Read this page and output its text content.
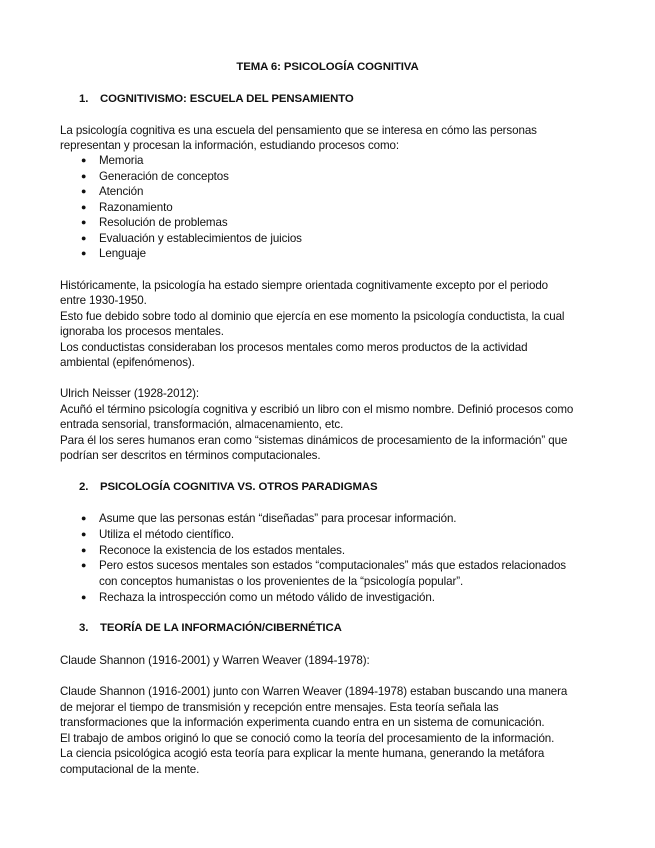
TEMA 6: PSICOLOGÍA COGNITIVA
1. COGNITIVISMO: ESCUELA DEL PENSAMIENTO
La psicología cognitiva es una escuela del pensamiento que se interesa en cómo las personas
representan y procesan la información, estudiando procesos como:
● Memoria
● Generación de conceptos
● Atención
● Razonamiento
● Resolución de problemas
● Evaluación y establecimientos de juicios
● Lenguaje
Históricamente, la psicología ha estado siempre orientada cognitivamente excepto por el periodo
entre 1930-1950.
Esto fue debido sobre todo al dominio que ejercía en ese momento la psicología conductista, la cual
ignoraba los procesos mentales.
Los conductistas consideraban los procesos mentales como meros productos de la actividad
ambiental (epifenómenos).
Ulrich Neisser (1928-2012):
Acuñó el término psicología cognitiva y escribió un libro con el mismo nombre. Definió procesos como
entrada sensorial, transformación, almacenamiento, etc.
Para él los seres humanos eran como “sistemas dinámicos de procesamiento de la información” que
podrían ser descritos en términos computacionales.
2. PSICOLOGÍA COGNITIVA VS. OTROS PARADIGMAS
● Asume que las personas están “diseñadas” para procesar información.
● Utiliza el método científico.
● Reconoce la existencia de los estados mentales.
● Pero estos sucesos mentales son estados “computacionales” más que estados relacionados
con conceptos humanistas o los provenientes de la “psicología popular”.
● Rechaza la introspección como un método válido de investigación.
3. TEORÍA DE LA INFORMACIÓN/CIBERNÉTICA
Claude Shannon (1916-2001) y Warren Weaver (1894-1978):
Claude Shannon (1916-2001) junto con Warren Weaver (1894-1978) estaban buscando una manera
de mejorar el tiempo de transmisión y recepción entre mensajes. Esta teoría señala las
transformaciones que la información experimenta cuando entra en un sistema de comunicación.
El trabajo de ambos originó lo que se conoció como la teoría del procesamiento de la información.
La ciencia psicológica acogió esta teoría para explicar la mente humana, generando la metáfora
computacional de la mente.
